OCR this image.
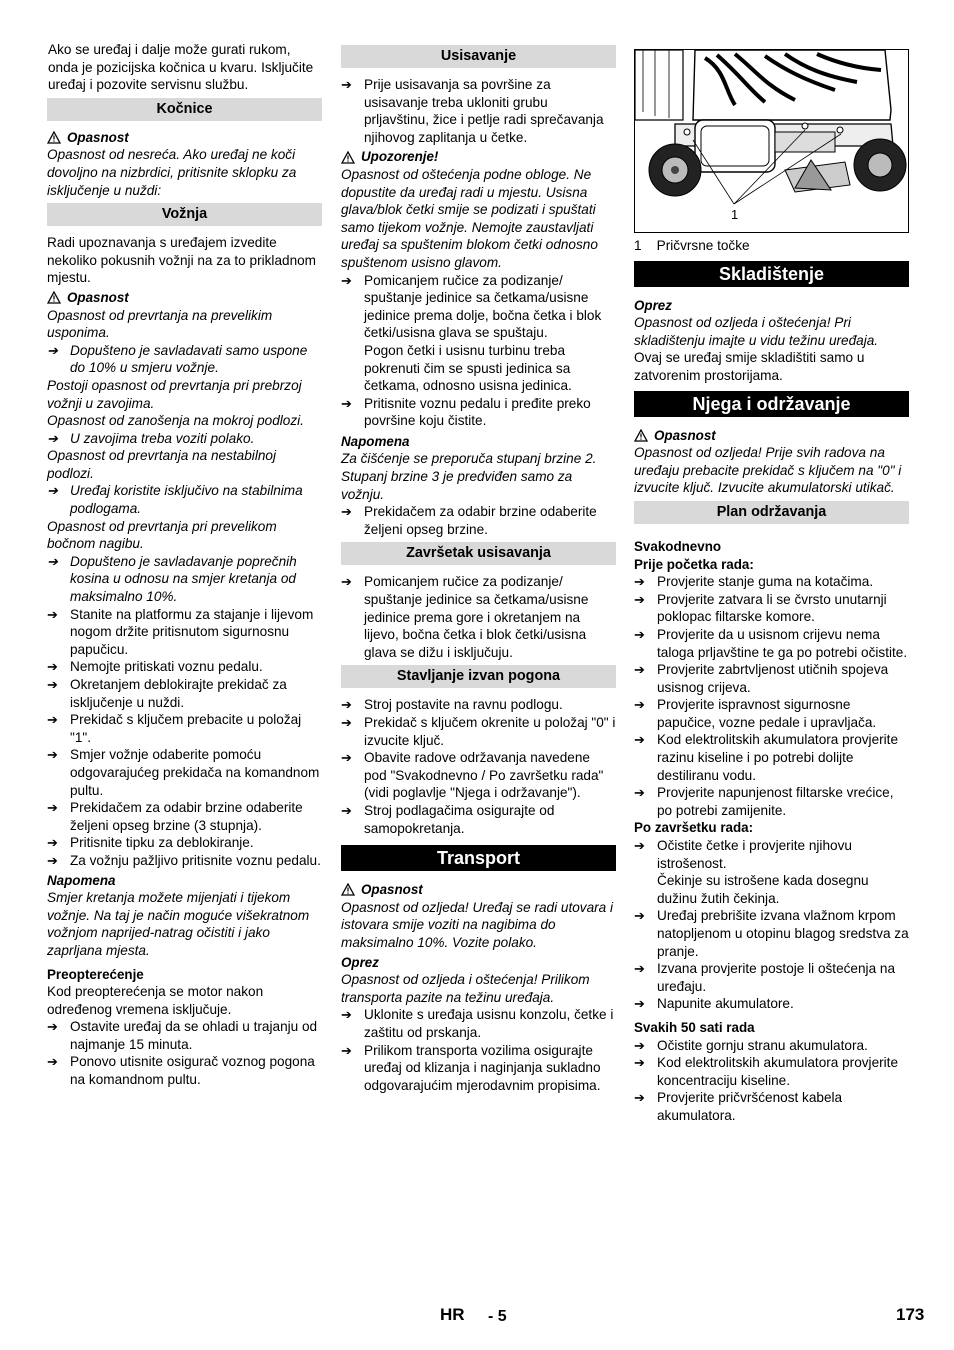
Ako se uređaj i dalje može gurati rukom, onda je pozicijska kočnica u kvaru. Isključite uređaj i pozovite servisnu službu.

Kočnice
Opasnost

Opasnost od nesreća. Ako uređaj ne koči dovoljno na nizbrdici, pritisnite sklopku za isključenje u nuždi:

Vožnja

Radi upoznavanja s uređajem izvedite nekoliko pokusnih vožnji na za to prikladnom mjestu.

Opasnost

Opasnost od prevrtanja na prevelikim usponima.

➔ Dopušteno je savladavati samo uspone do 10% u smjeru vožnje.

Postoji opasnost od prevrtanja pri prebrzoj vožnji u zavojima.

Opasnost od zanošenja na mokroj podlozi.

➔ U zavojima treba voziti polako.

Opasnost od prevrtanja na nestabilnoj podlozi.

➔ Uređaj koristite isključivo na stabilnima podlogama.

Opasnost od prevrtanja pri prevelikom bočnom nagibu.

➔ Dopušteno je savladavanje poprečnih kosina u odnosu na smjer kretanja od maksimalno 10%.
➔ Stanite na platformu za stajanje i lijevom nogom držite pritisnutom sigurnosnu papučicu.
➔ Nemojte pritiskati voznu pedalu.
➔ Okretanjem deblokirajte prekidač za isključenje u nuždi.
➔ Prekidač s ključem prebacite u položaj "1".
➔ Smjer vožnje odaberite pomoću odgovarajućeg prekidača na komandnom pultu.
➔ Prekidačem za odabir brzine odaberite željeni opseg brzine (3 stupnja).
➔ Pritisnite tipku za deblokiranje.
➔ Za vožnju pažljivo pritisnite voznu pedalu.
Napomena

Smjer kretanja možete mijenjati i tijekom vožnje. Na taj je način moguće višekratnom vožnjom naprijed-natrag očistiti i jako zaprljana mjesta.

Preopterećenje

Kod preopterećenja se motor nakon određenog vremena isključuje.

➔ Ostavite uređaj da se ohladi u trajanju od najmanje 15 minuta.
➔ Ponovo utisnite osigurač voznog pogona na komandnom pultu.
Usisavanje
➔ Prije usisavanja sa površine za usisavanje treba ukloniti grubu prljavštinu, žice i petlje radi sprečavanja njihovog zaplitanja u četke.
Upozorenje!

Opasnost od oštećenja podne obloge. Ne dopustite da uređaj radi u mjestu. Usisna glava/blok četki smije se podizati i spuštati samo tijekom vožnje. Nemojte zaustavljati uređaj sa spuštenim blokom četki odnosno spuštenom usisno glavom.

➔ Pomicanjem ručice za podizanje/ spuštanje jedinice sa četkama/usisne jedinice prema dolje, bočna četka i blok četki/usisna glava se spuštaju.

Pogon četki i usisnu turbinu treba pokrenuti čim se spusti jedinica sa četkama, odnosno usisna jedinica.

➔ Pritisnite voznu pedalu i pređite preko površine koju čistite.
Napomena

Za čišćenje se preporuča stupanj brzine 2. Stupanj brzine 3 je predviđen samo za vožnju.

➔ Prekidačem za odabir brzine odaberite željeni opseg brzine.
Završetak usisavanja
➔ Pomicanjem ručice za podizanje/ spuštanje jedinice sa četkama/usisne jedinice prema gore i okretanjem na lijevo, bočna četka i blok četki/usisna glava se dižu i isključuju.
Stavljanje izvan pogona
➔ Stroj postavite na ravnu podlogu.
➔ Prekidač s ključem okrenite u položaj "0" i izvucite ključ.
➔ Obavite radove održavanja navedene pod "Svakodnevno / Po završetku rada" (vidi poglavlje "Njega i održavanje").
➔ Stroj podlagačima osigurajte od samopokretanja.
Transport
Opasnost

Opasnost od ozljeda! Uređaj se radi utovara i istovara smije voziti na nagibima do maksimalno 10%. Vozite polako.

Oprez

Opasnost od ozljeda i oštećenja! Prilikom transporta pazite na težinu uređaja.

➔ Uklonite s uređaja usisnu konzolu, četke i zaštitu od prskanja.
➔ Prilikom transporta vozilima osigurajte uređaj od klizanja i naginjanja sukladno odgovarajućim mjerodavnim propisima.
1

1 Pričvrsne točke

Skladištenje
Oprez

Opasnost od ozljeda i oštećenja! Pri skladištenju imajte u vidu težinu uređaja.

Ovaj se uređaj smije skladištiti samo u zatvorenim prostorijama.

Njega i održavanje
Opasnost

Opasnost od ozljeda! Prije svih radova na uređaju prebacite prekidač s ključem na "0" i izvucite ključ. Izvucite akumulatorski utikač.

Plan održavanja
Svakodnevno
Prije početka rada:
➔ Provjerite stanje guma na kotačima.
➔ Provjerite zatvara li se čvrsto unutarnji poklopac filtarske komore.
➔ Provjerite da u usisnom crijevu nema taloga prljavštine te ga po potrebi očistite.
➔ Provjerite zabrtvljenost utičnih spojeva usisnog crijeva.
➔ Provjerite ispravnost sigurnosne papučice, vozne pedale i upravljača.
➔ Kod elektrolitskih akumulatora provjerite razinu kiseline i po potrebi dolijte destiliranu vodu.
➔ Provjerite napunjenost filtarske vrećice, po potrebi zamijenite.
Po završetku rada:
➔ Očistite četke i provjerite njihovu istrošenost.

Čekinje su istrošene kada dosegnu dužinu žutih čekinja.

➔ Uređaj prebrišite izvana vlažnom krpom natopljenom u otopinu blagog sredstva za pranje.
➔ Izvana provjerite postoje li oštećenja na uređaju.
➔ Napunite akumulatore.
Svakih 50 sati rada
➔ Očistite gornju stranu akumulatora.
➔ Kod elektrolitskih akumulatora provjerite koncentraciju kiseline.
➔ Provjerite pričvršćenost kabela akumulatora.
HR - 5	173
